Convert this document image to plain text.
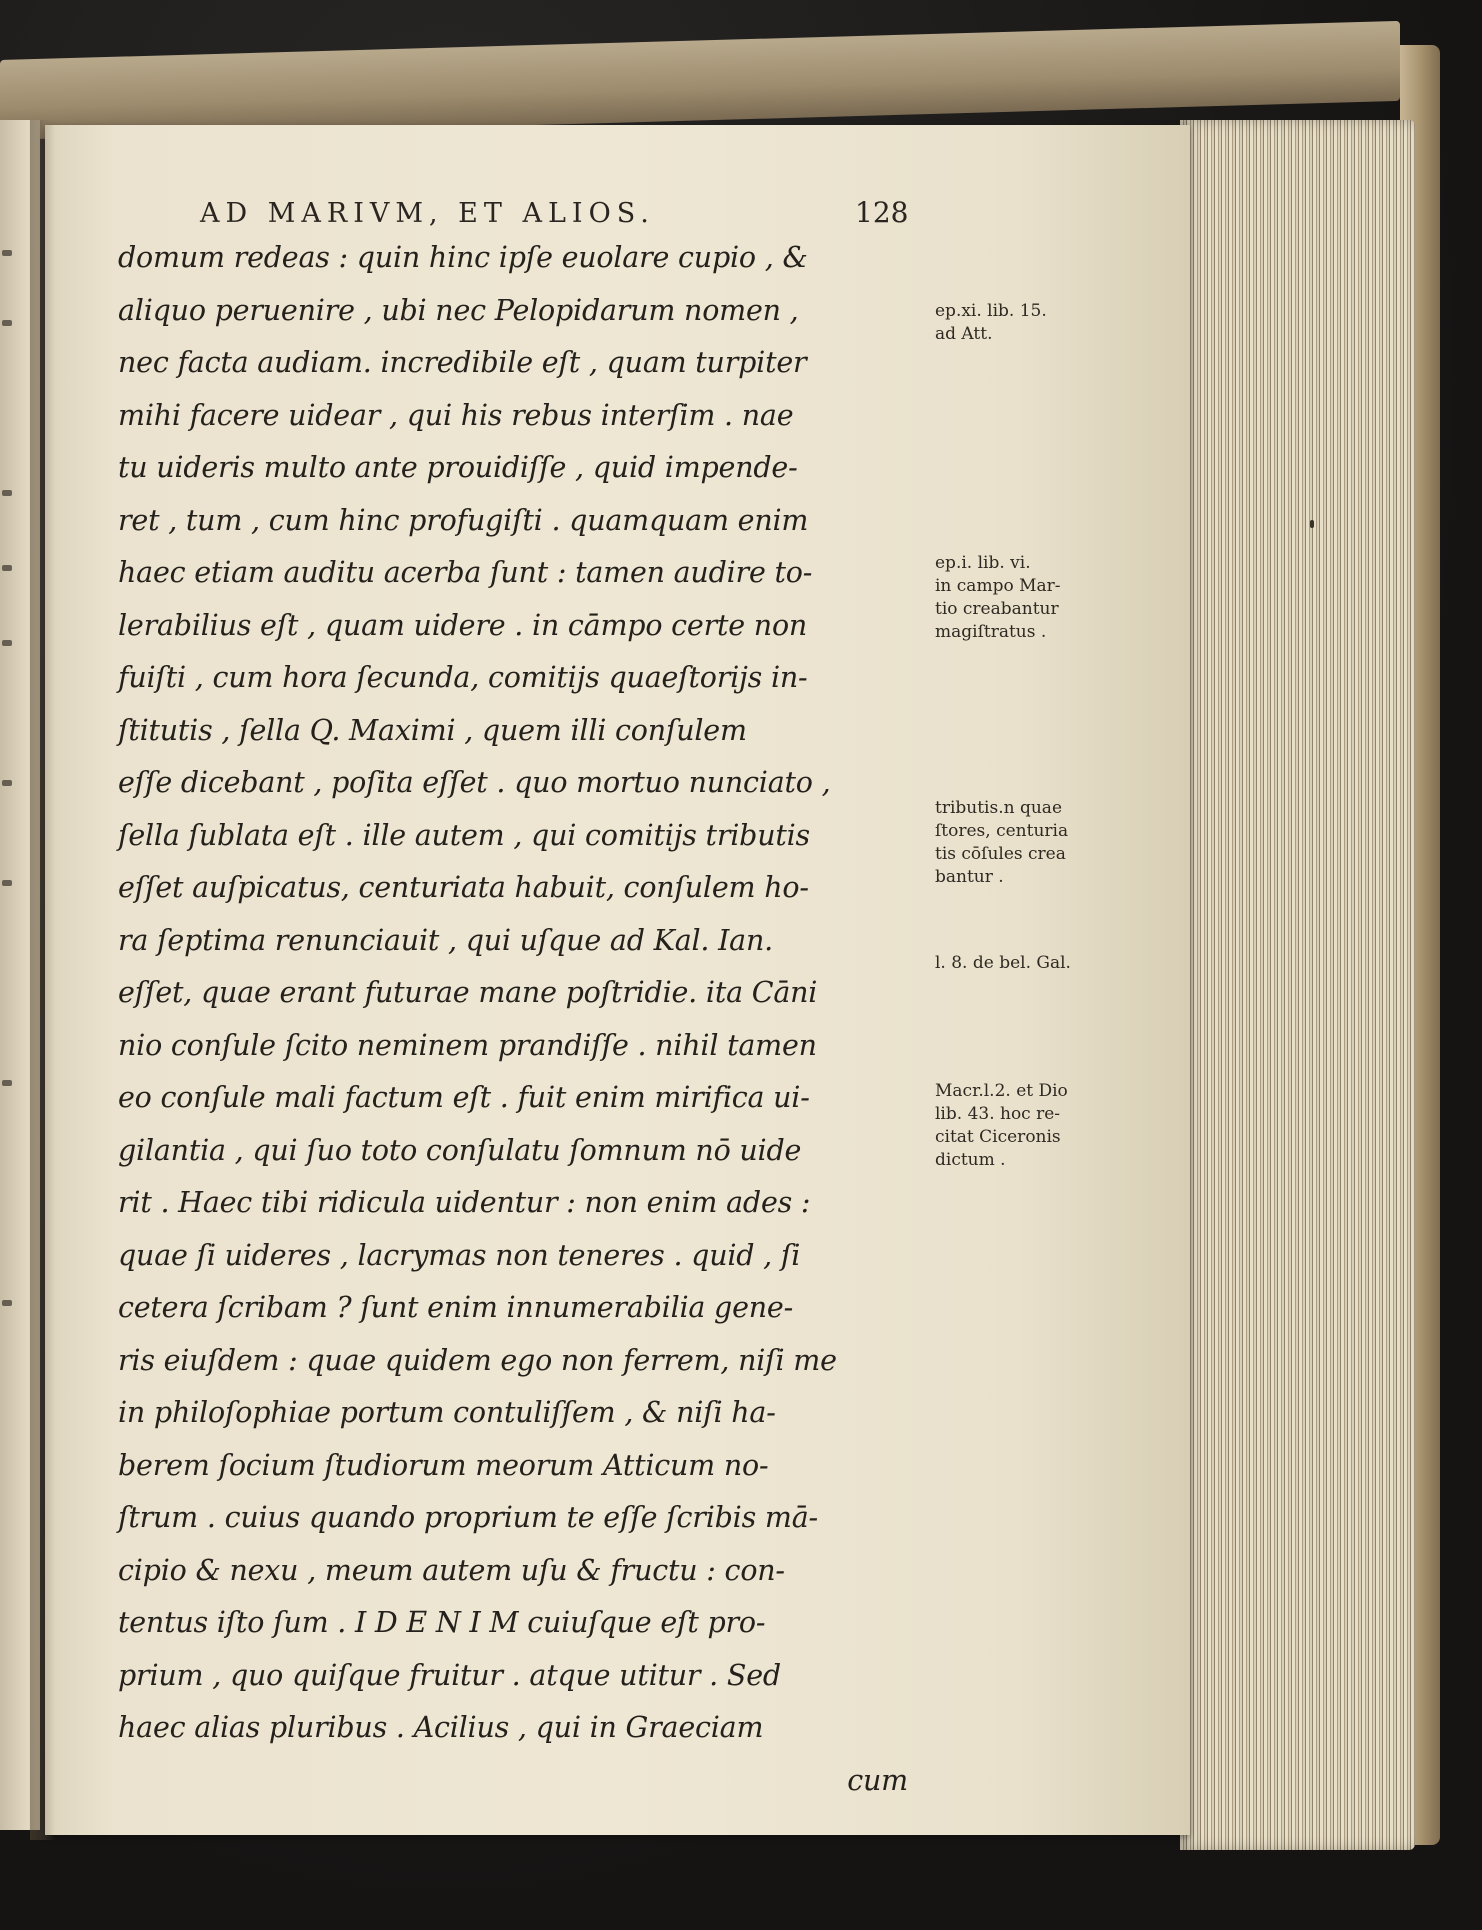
AD MARIVM, ET ALIOS.	128
domum redeas : quin hinc ipſe euolare cupio , &
aliquo peruenire , ubi nec Pelopidarum nomen ,
nec facta audiam. incredibile eſt , quam turpiter
mihi facere uidear , qui his rebus interſim . nae
tu uideris multo ante prouidiſſe , quid impende-
ret , tum , cum hinc profugiſti . quamquam enim
haec etiam auditu acerba ſunt : tamen audire to-
lerabilius eſt , quam uidere . in cāmpo certe non
fuiſti , cum hora ſecunda, comitijs quaeſtorijs in-
ſtitutis , ſella Q. Maximi , quem illi conſulem
eſſe dicebant , poſita eſſet . quo mortuo nunciato ,
ſella ſublata eſt . ille autem , qui comitijs tributis
eſſet auſpicatus, centuriata habuit, conſulem ho-
ra ſeptima renunciauit , qui uſque ad Kal. Ian.
eſſet, quae erant futurae mane poſtridie. ita Cāni
nio conſule ſcito neminem prandiſſe . nihil tamen
eo conſule mali factum eſt . fuit enim mirifica ui-
gilantia , qui ſuo toto conſulatu ſomnum nō uide
rit . Haec tibi ridicula uidentur : non enim ades :
quae ſi uideres , lacrymas non teneres . quid , ſi
cetera ſcribam ? ſunt enim innumerabilia gene-
ris eiuſdem : quae quidem ego non ferrem, niſi me
in philoſophiae portum contuliſſem , & niſi ha-
berem ſocium ſtudiorum meorum Atticum no-
ſtrum . cuius quando proprium te eſſe ſcribis mā-
cipio & nexu , meum autem uſu & fructu : con-
tentus iſto ſum . I D E N I M cuiuſque eſt pro-
prium , quo quiſque fruitur . atque utitur . Sed
haec alias pluribus . Acilius , qui in Graeciam
cum
ep.xi. lib. 15.
ad Att.
ep.i. lib. vi.
in campo Mar-
tio creabantur
magiſtratus .
tributis.n quae
ſtores, centuria
tis cōſules crea
bantur .
l. 8. de bel. Gal.
Macr.l.2. et Dio
lib. 43. hoc re-
citat Ciceronis
dictum .
